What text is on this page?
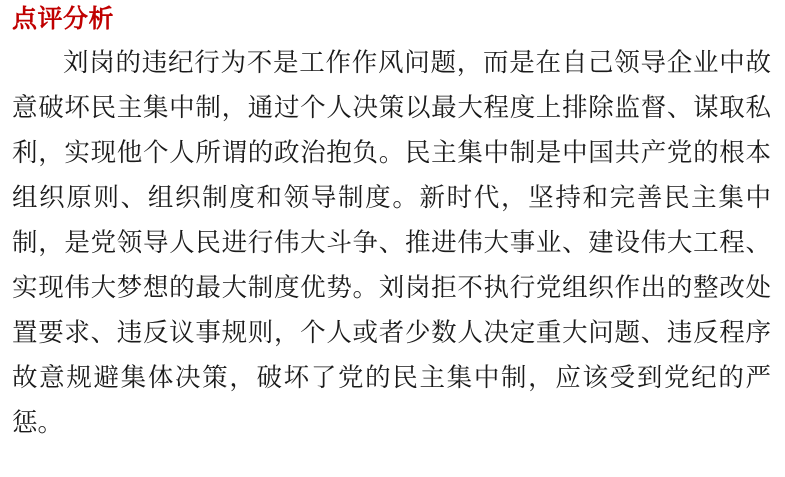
点评分析

刘岗的违纪行为不是工作作风问题，而是在自己领导企业中故意破坏民主集中制，通过个人决策以最大程度上排除监督、谋取私利，实现他个人所谓的政治抱负。民主集中制是中国共产党的根本组织原则、组织制度和领导制度。新时代，坚持和完善民主集中制，是党领导人民进行伟大斗争、推进伟大事业、建设伟大工程、实现伟大梦想的最大制度优势。刘岗拒不执行党组织作出的整改处置要求、违反议事规则，个人或者少数人决定重大问题、违反程序故意规避集体决策，破坏了党的民主集中制，应该受到党纪的严惩。
